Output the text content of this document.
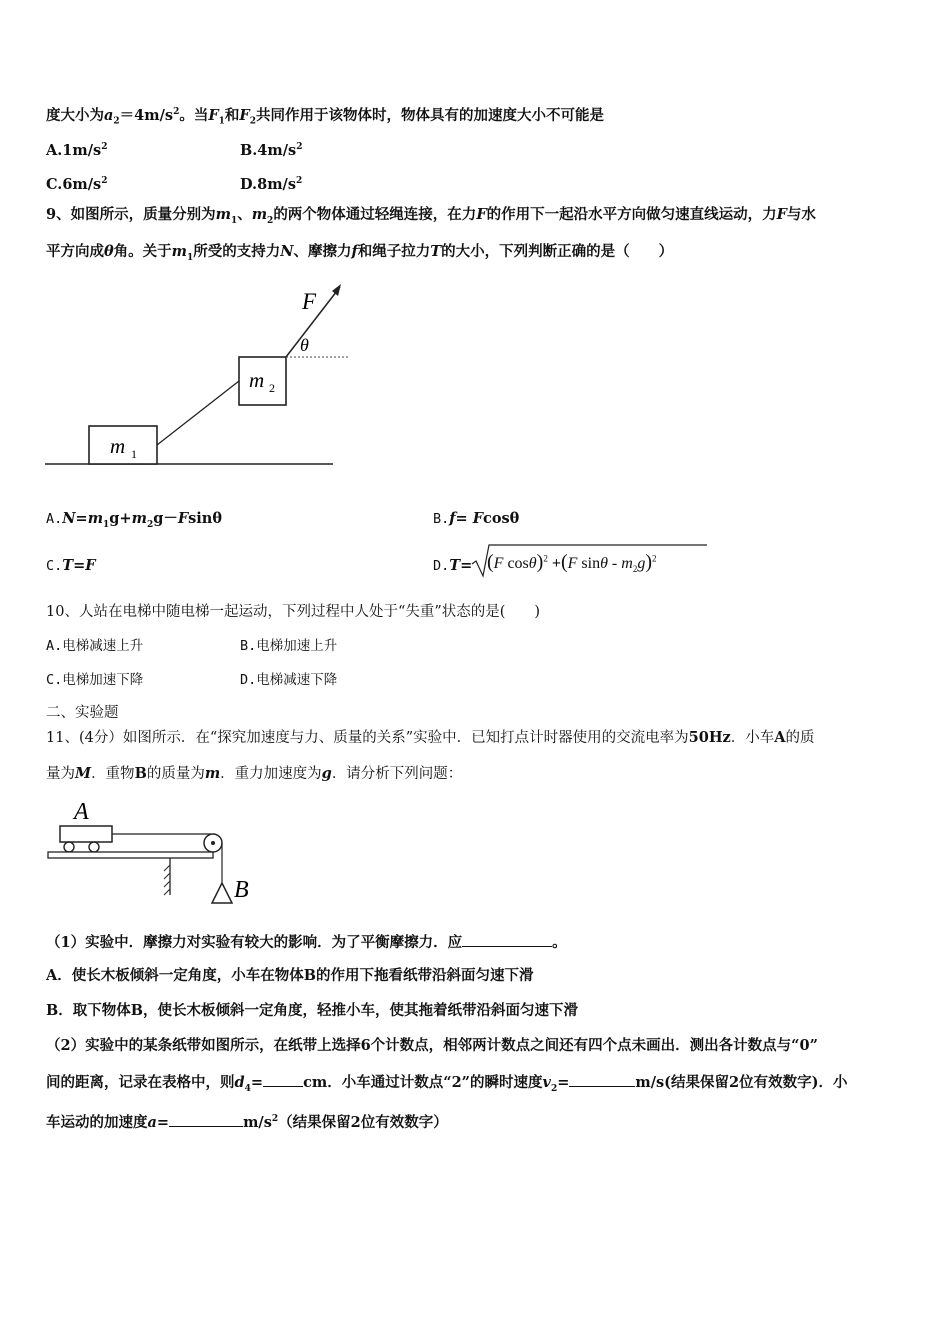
度大小为$a_2=4m/s^2$。当$F_1$和$F_2$共同作用于该物体时，物体具有的加速度大小不可能是
$A.1m/s^2$	$B.4m/s^2$
$C.6m/s^2$	$D.8m/s^2$
9、如图所示，质量分别为$m_1$、$m_2$的两个物体通过轻绳连接，在力F的作用下一起沿水平方向做匀速直线运动，力F与水
平方向成θ角。关于$m_1$所受的支持力N、摩擦力f和绳子拉力T的大小，下列判断正确的是（　　）
m 1
m 2
F
θ
$A.N=m_1g+m_2g-Fsin\theta$	B.f= Fcosθ
C.T=F	D.T= (F cosθ)$^2$ +(F sinθ - $m_2g)^2$
10、人站在电梯中随电梯一起运动，下列过程中人处于“失重”状态的是(　　)
A.电梯减速上升	B.电梯加速上升
C.电梯加速下降	D.电梯减速下降
二、实验题
11、(4分）如图所示．在“探究加速度与力、质量的关系”实验中．已知打点计时器使用的交流电率为50Hz．小车A的质
量为M．重物B的质量为m．重力加速度为g．请分析下列问题：
A
B
（1）实验中．摩擦力对实验有较大的影响．为了平衡摩擦力．应	。
A．使长木板倾斜一定角度，小车在物体B的作用下拖看纸带沿斜面匀速下滑
B．取下物体B，使长木板倾斜一定角度，轻推小车，使其拖着纸带沿斜面匀速下滑
（2）实验中的某条纸带如图所示，在纸带上选择6个计数点，相邻两计数点之间还有四个点未画出．测出各计数点与“0”
间的距离，记录在表格中，则$d_4=$	cm．小车通过计数点“2”的瞬时速度$v_2=$	m/s(结果保留2位有效数字)．小
车运动的加速度a=	$m/s^2$（结果保留2位有效数字）
